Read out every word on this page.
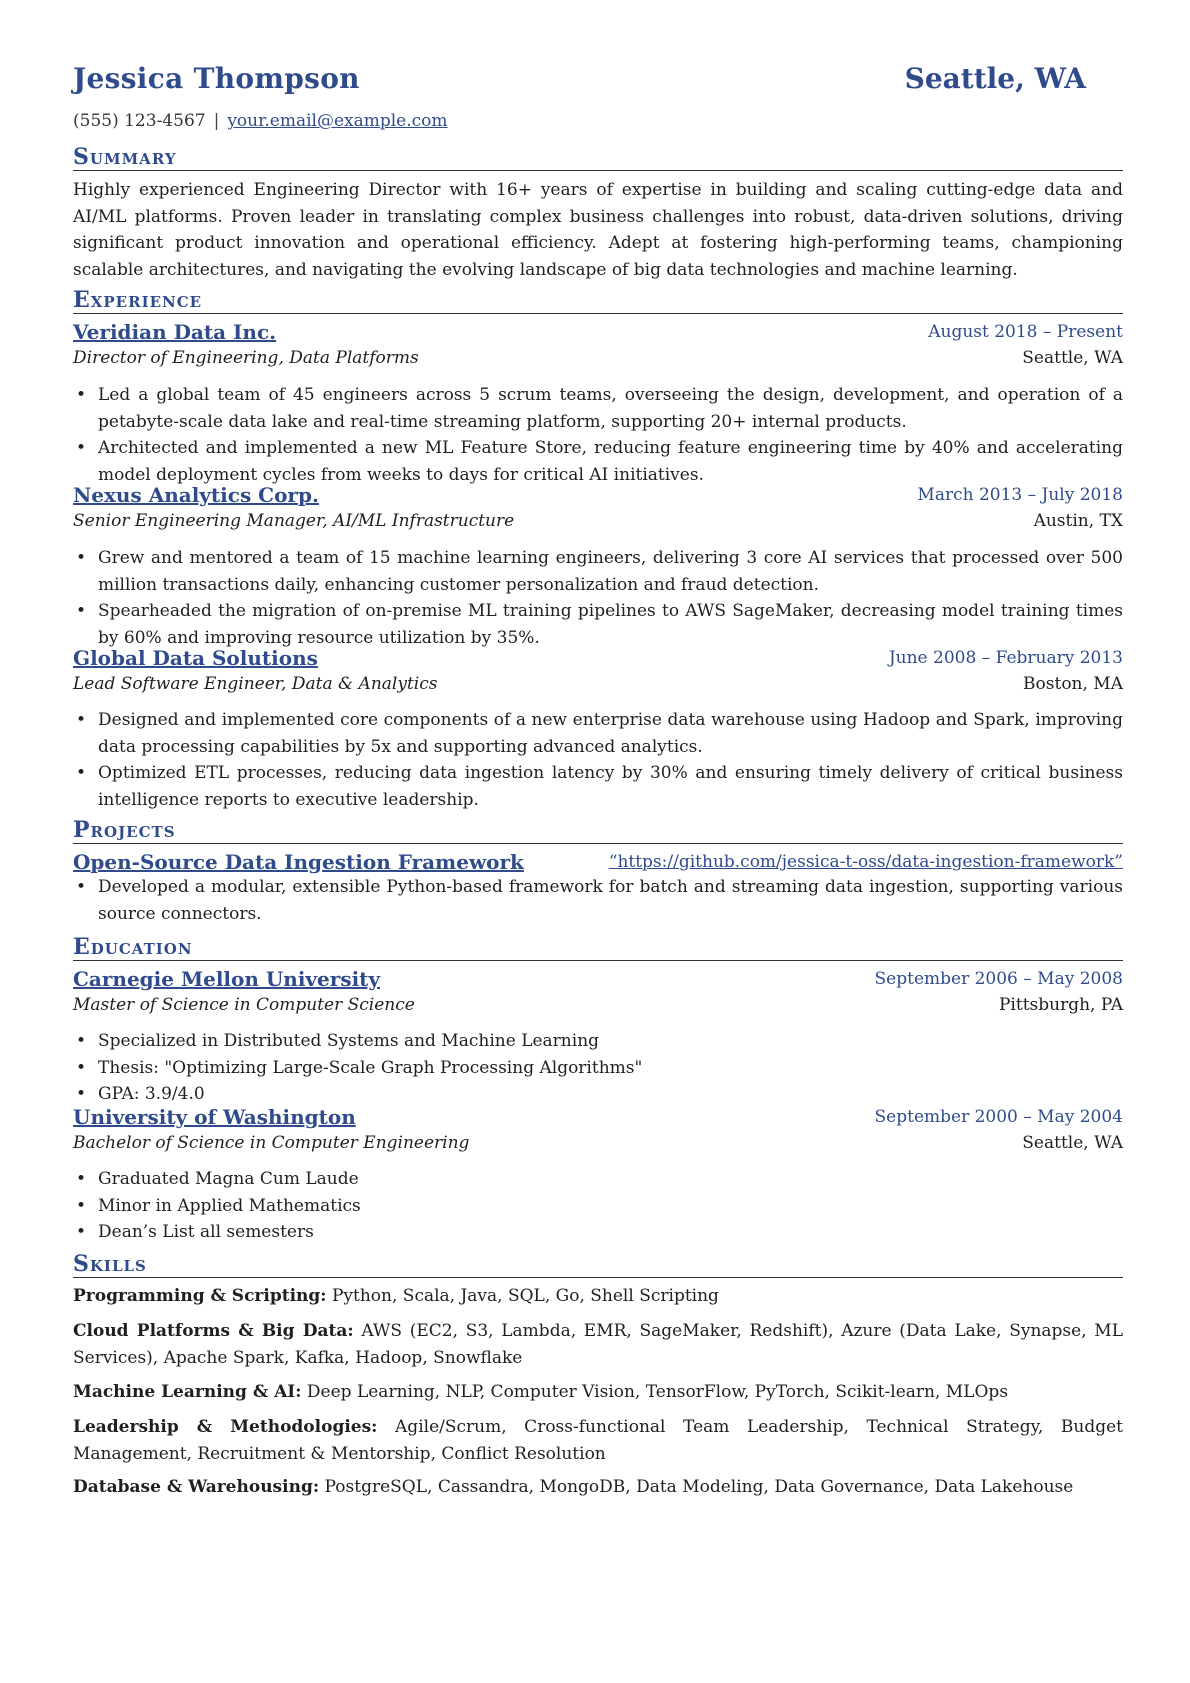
Jessica Thompson	Seattle, WA
(555) 123-4567 | your.email@example.com
Summary
Highly experienced Engineering Director with 16+ years of expertise in building and scaling cutting-edge data and AI/ML platforms. Proven leader in translating complex business challenges into robust, data-driven solutions, driving significant product innovation and operational efficiency. Adept at fostering high-performing teams, championing scalable architectures, and navigating the evolving landscape of big data technologies and machine learning.
Experience
Veridian Data Inc.	August 2018 – Present
Director of Engineering, Data Platforms	Seattle, WA
• Led a global team of 45 engineers across 5 scrum teams, overseeing the design, development, and operation of a petabyte-scale data lake and real-time streaming platform, supporting 20+ internal products.
• Architected and implemented a new ML Feature Store, reducing feature engineering time by 40% and accelerating model deployment cycles from weeks to days for critical AI initiatives.
Nexus Analytics Corp.	March 2013 – July 2018
Senior Engineering Manager, AI/ML Infrastructure	Austin, TX
• Grew and mentored a team of 15 machine learning engineers, delivering 3 core AI services that processed over 500 million transactions daily, enhancing customer personalization and fraud detection.
• Spearheaded the migration of on-premise ML training pipelines to AWS SageMaker, decreasing model training times by 60% and improving resource utilization by 35%.
Global Data Solutions	June 2008 – February 2013
Lead Software Engineer, Data & Analytics	Boston, MA
• Designed and implemented core components of a new enterprise data warehouse using Hadoop and Spark, improving data processing capabilities by 5x and supporting advanced analytics.
• Optimized ETL processes, reducing data ingestion latency by 30% and ensuring timely delivery of critical business intelligence reports to executive leadership.
Projects
Open-Source Data Ingestion Framework	“https://github.com/jessica-t-oss/data-ingestion-framework”
• Developed a modular, extensible Python-based framework for batch and streaming data ingestion, supporting various source connectors.
Education
Carnegie Mellon University	September 2006 – May 2008
Master of Science in Computer Science	Pittsburgh, PA
• Specialized in Distributed Systems and Machine Learning
• Thesis: "Optimizing Large-Scale Graph Processing Algorithms"
• GPA: 3.9/4.0
University of Washington	September 2000 – May 2004
Bachelor of Science in Computer Engineering	Seattle, WA
• Graduated Magna Cum Laude
• Minor in Applied Mathematics
• Dean’s List all semesters
Skills
Programming & Scripting: Python, Scala, Java, SQL, Go, Shell Scripting
Cloud Platforms & Big Data: AWS (EC2, S3, Lambda, EMR, SageMaker, Redshift), Azure (Data Lake, Synapse, ML Services), Apache Spark, Kafka, Hadoop, Snowflake
Machine Learning & AI: Deep Learning, NLP, Computer Vision, TensorFlow, PyTorch, Scikit-learn, MLOps
Leadership & Methodologies: Agile/Scrum, Cross-functional Team Leadership, Technical Strategy, Budget Management, Recruitment & Mentorship, Conflict Resolution
Database & Warehousing: PostgreSQL, Cassandra, MongoDB, Data Modeling, Data Governance, Data Lakehouse
